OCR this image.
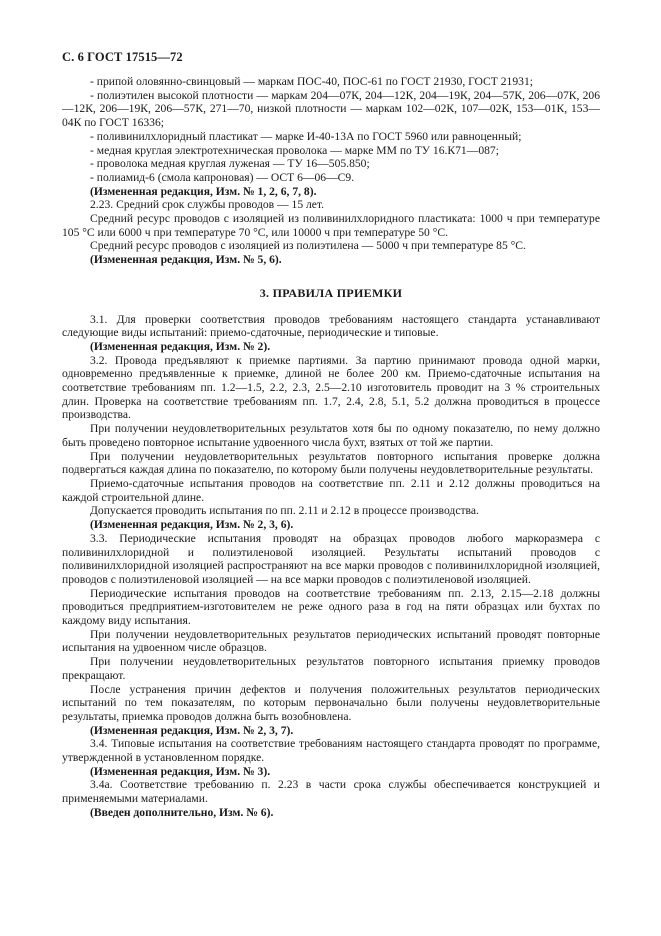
С. 6 ГОСТ 17515—72

- припой оловянно-свинцовый — маркам ПОС-40, ПОС-61 по ГОСТ 21930, ГОСТ 21931;

- полиэтилен высокой плотности — маркам 204—07К, 204—12К, 204—19К, 204—57К, 206—07К, 206—12К, 206—19К, 206—57К, 271—70, низкой плотности — маркам 102—02К, 107—02К, 153—01К, 153—04К по ГОСТ 16336;

- поливинилхлоридный пластикат — марке И-40-13А по ГОСТ 5960 или равноценный;

- медная круглая электротехническая проволока — марке ММ по ТУ 16.К71—087;

- проволока медная круглая луженая — ТУ 16—505.850;

- полиамид-6 (смола капроновая) — ОСТ 6—06—С9.

(Измененная редакция, Изм. № 1, 2, 6, 7, 8).

2.23. Средний срок службы проводов — 15 лет.

Средний ресурс проводов с изоляцией из поливинилхлоридного пластиката: 1000 ч при температуре 105 °С или 6000 ч при температуре 70 °С, или 10000 ч при температуре 50 °С.

Средний ресурс проводов с изоляцией из полиэтилена — 5000 ч при температуре 85 °С.

(Измененная редакция, Изм. № 5, 6).

3. ПРАВИЛА ПРИЕМКИ

3.1. Для проверки соответствия проводов требованиям настоящего стандарта устанавливают следующие виды испытаний: приемо-сдаточные, периодические и типовые.

(Измененная редакция, Изм. № 2).

3.2. Провода предъявляют к приемке партиями. За партию принимают провода одной марки, одновременно предъявленные к приемке, длиной не более 200 км. Приемо-сдаточные испытания на соответствие требованиям пп. 1.2—1.5, 2.2, 2.3, 2.5—2.10 изготовитель проводит на 3 % строительных длин. Проверка на соответствие требованиям пп. 1.7, 2.4, 2.8, 5.1, 5.2 должна проводиться в процессе производства.

При получении неудовлетворительных результатов хотя бы по одному показателю, по нему должно быть проведено повторное испытание удвоенного числа бухт, взятых от той же партии.

При получении неудовлетворительных результатов повторного испытания проверке должна подвергаться каждая длина по показателю, по которому были получены неудовлетворительные результаты.

Приемо-сдаточные испытания проводов на соответствие пп. 2.11 и 2.12 должны проводиться на каждой строительной длине.

Допускается проводить испытания по пп. 2.11 и 2.12 в процессе производства.

(Измененная редакция, Изм. № 2, 3, 6).

3.3. Периодические испытания проводят на образцах проводов любого маркоразмера с поливинилхлоридной и полиэтиленовой изоляцией. Результаты испытаний проводов с поливинилхлоридной изоляцией распространяют на все марки проводов с поливинилхлоридной изоляцией, проводов с полиэтиленовой изоляцией — на все марки проводов с полиэтиленовой изоляцией.

Периодические испытания проводов на соответствие требованиям пп. 2.13, 2.15—2.18 должны проводиться предприятием-изготовителем не реже одного раза в год на пяти образцах или бухтах по каждому виду испытания.

При получении неудовлетворительных результатов периодических испытаний проводят повторные испытания на удвоенном числе образцов.

При получении неудовлетворительных результатов повторного испытания приемку проводов прекращают.

После устранения причин дефектов и получения положительных результатов периодических испытаний по тем показателям, по которым первоначально были получены неудовлетворительные результаты, приемка проводов должна быть возобновлена.

(Измененная редакция, Изм. № 2, 3, 7).

3.4. Типовые испытания на соответствие требованиям настоящего стандарта проводят по программе, утвержденной в установленном порядке.

(Измененная редакция, Изм. № 3).

3.4а. Соответствие требованию п. 2.23 в части срока службы обеспечивается конструкцией и применяемыми материалами.

(Введен дополнительно, Изм. № 6).
